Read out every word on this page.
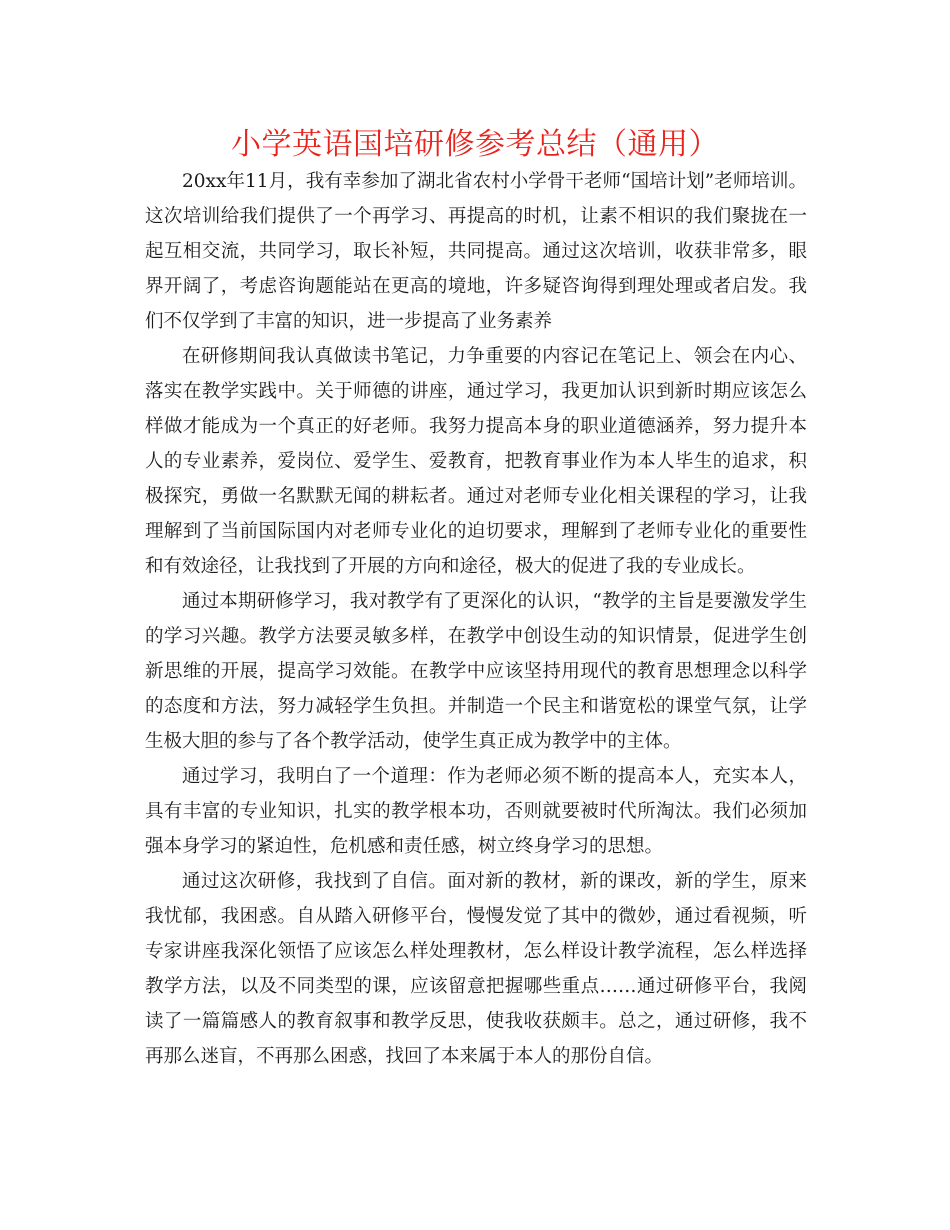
小学英语国培研修参考总结（通用）

20xx年11月，我有幸参加了湖北省农村小学骨干老师“国培计划”老师培训。这次培训给我们提供了一个再学习、再提高的时机，让素不相识的我们聚拢在一起互相交流，共同学习，取长补短，共同提高。通过这次培训，收获非常多，眼界开阔了，考虑咨询题能站在更高的境地，许多疑咨询得到理处理或者启发。我们不仅学到了丰富的知识，进一步提高了业务素养

在研修期间我认真做读书笔记，力争重要的内容记在笔记上、领会在内心、落实在教学实践中。关于师德的讲座，通过学习，我更加认识到新时期应该怎么样做才能成为一个真正的好老师。我努力提高本身的职业道德涵养，努力提升本人的专业素养，爱岗位、爱学生、爱教育，把教育事业作为本人毕生的追求，积极探究，勇做一名默默无闻的耕耘者。通过对老师专业化相关课程的学习，让我理解到了当前国际国内对老师专业化的迫切要求，理解到了老师专业化的重要性和有效途径，让我找到了开展的方向和途径，极大的促进了我的专业成长。

通过本期研修学习，我对教学有了更深化的认识，“教学的主旨是要激发学生的学习兴趣。教学方法要灵敏多样，在教学中创设生动的知识情景，促进学生创新思维的开展，提高学习效能。在教学中应该坚持用现代的教育思想理念以科学的态度和方法，努力减轻学生负担。并制造一个民主和谐宽松的课堂气氛，让学生极大胆的参与了各个教学活动，使学生真正成为教学中的主体。

通过学习，我明白了一个道理：作为老师必须不断的提高本人，充实本人，具有丰富的专业知识，扎实的教学根本功，否则就要被时代所淘汰。我们必须加强本身学习的紧迫性，危机感和责任感，树立终身学习的思想。

通过这次研修，我找到了自信。面对新的教材，新的课改，新的学生，原来我忧郁，我困惑。自从踏入研修平台，慢慢发觉了其中的微妙，通过看视频，听专家讲座我深化领悟了应该怎么样处理教材，怎么样设计教学流程，怎么样选择教学方法，以及不同类型的课，应该留意把握哪些重点……通过研修平台，我阅读了一篇篇感人的教育叙事和教学反思，使我收获颇丰。总之，通过研修，我不再那么迷盲，不再那么困惑，找回了本来属于本人的那份自信。
